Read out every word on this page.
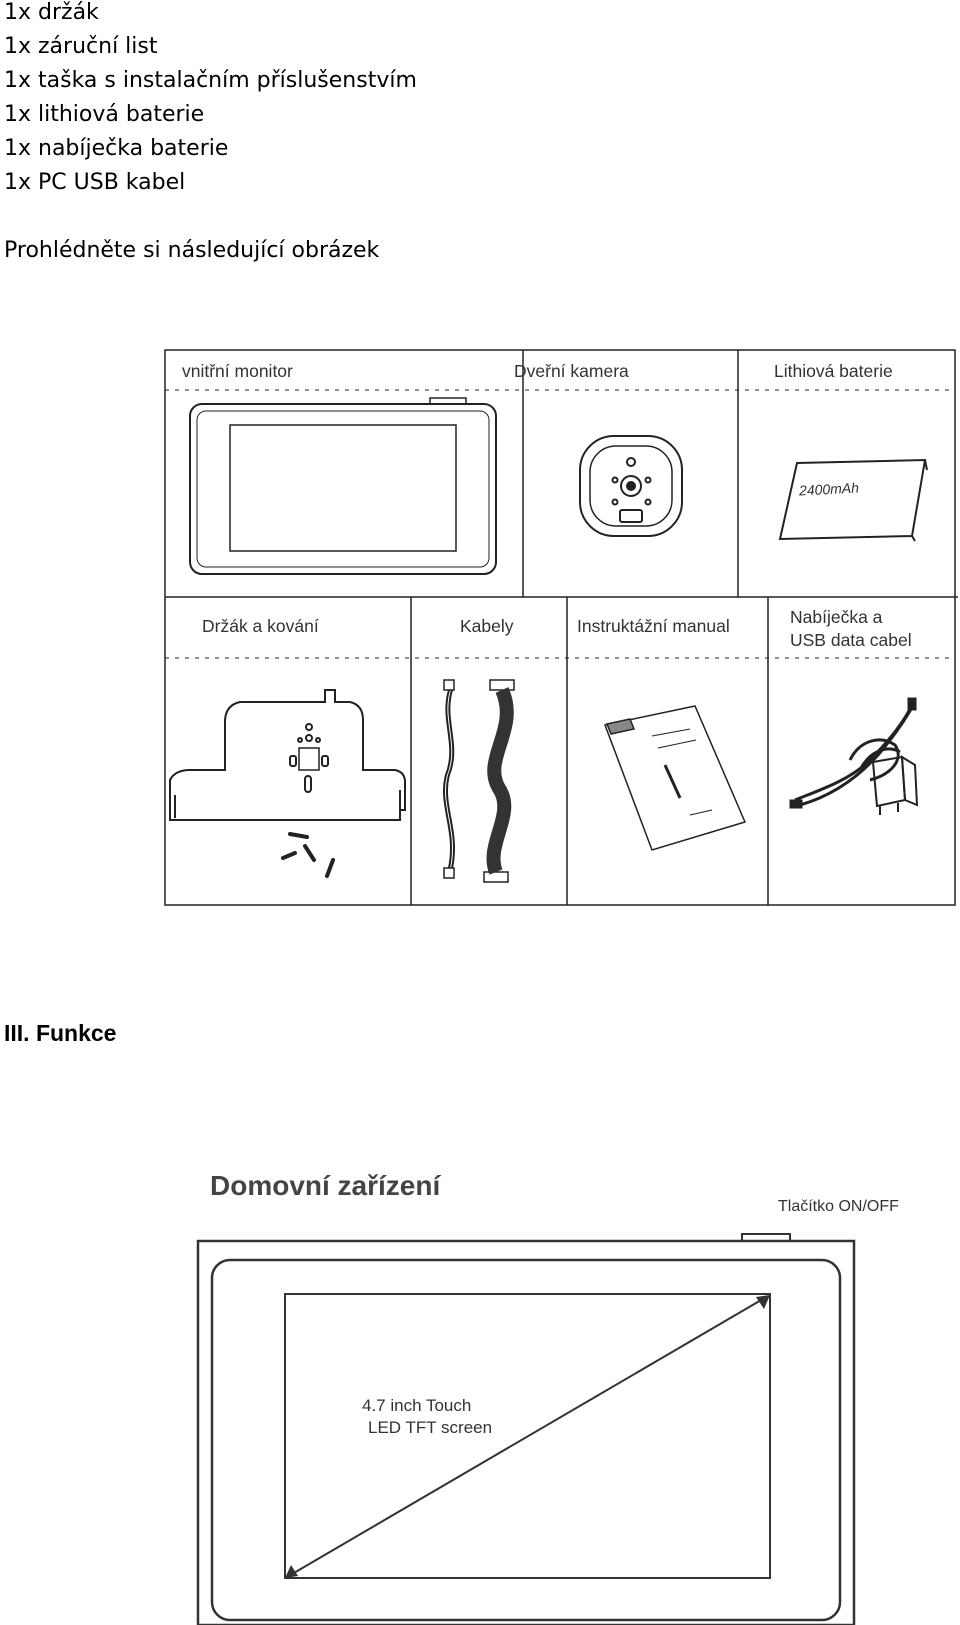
1x držák
1x záruční list
1x taška s instalačním příslušenstvím
1x lithiová baterie
1x nabíječka baterie
1x PC USB kabel
Prohlédněte si následující obrázek
vnitřní monitor	Dveřní kamera	Lithiová baterie
2400mAh
Držák a kování	Kabely	Instruktážní manual	Nabíječka a
USB data cabel
III. Funkce
Domovní zařízení
Tlačítko ON/OFF
4.7 inch Touch
LED TFT screen
